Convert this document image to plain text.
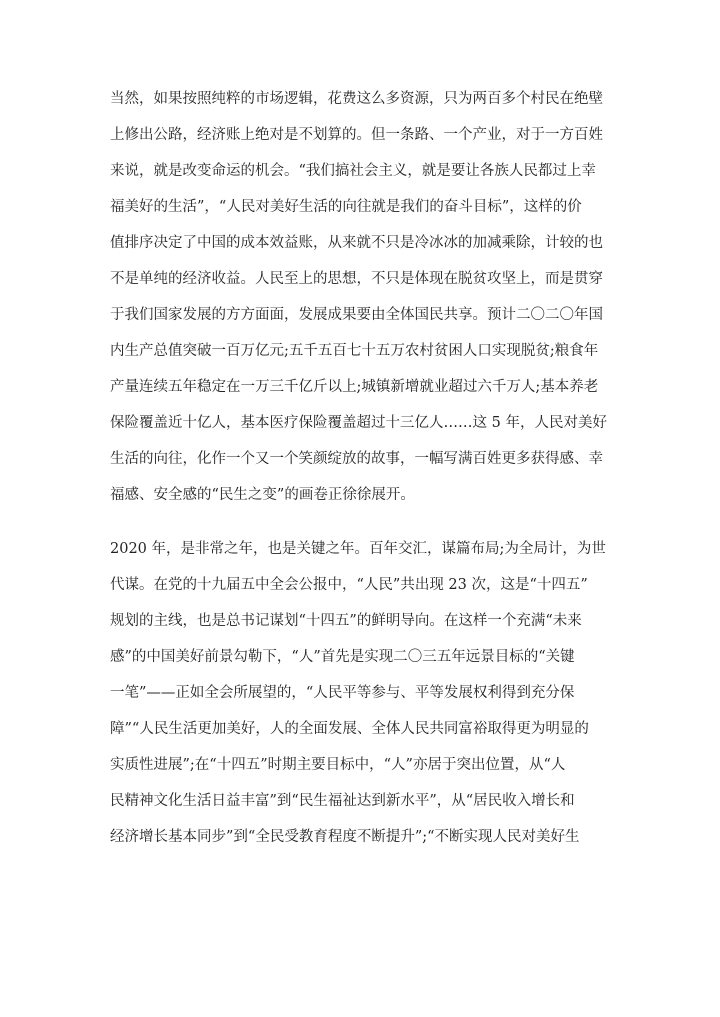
当然，如果按照纯粹的市场逻辑，花费这么多资源，只为两百多个村民在绝壁
上修出公路，经济账上绝对是不划算的。但一条路、一个产业，对于一方百姓
来说，就是改变命运的机会。“我们搞社会主义，就是要让各族人民都过上幸
福美好的生活”，“人民对美好生活的向往就是我们的奋斗目标”，这样的价
值排序决定了中国的成本效益账，从来就不只是冷冰冰的加减乘除，计较的也
不是单纯的经济收益。人民至上的思想，不只是体现在脱贫攻坚上，而是贯穿
于我们国家发展的方方面面，发展成果要由全体国民共享。预计二〇二〇年国
内生产总值突破一百万亿元;五千五百七十五万农村贫困人口实现脱贫;粮食年
产量连续五年稳定在一万三千亿斤以上;城镇新增就业超过六千万人;基本养老
保险覆盖近十亿人，基本医疗保险覆盖超过十三亿人……这 5 年，人民对美好
生活的向往，化作一个又一个笑颜绽放的故事，一幅写满百姓更多获得感、幸
福感、安全感的“民生之变”的画卷正徐徐展开。
2020 年，是非常之年，也是关键之年。百年交汇，谋篇布局;为全局计，为世
代谋。在党的十九届五中全会公报中，“人民”共出现 23 次，这是“十四五”
规划的主线，也是总书记谋划“十四五”的鲜明导向。在这样一个充满“未来
感”的中国美好前景勾勒下，“人”首先是实现二〇三五年远景目标的“关键
一笔”——正如全会所展望的，“人民平等参与、平等发展权利得到充分保
障”“人民生活更加美好，人的全面发展、全体人民共同富裕取得更为明显的
实质性进展”;在“十四五”时期主要目标中，“人”亦居于突出位置，从“人
民精神文化生活日益丰富”到“民生福祉达到新水平”，从“居民收入增长和
经济增长基本同步”到“全民受教育程度不断提升”;“不断实现人民对美好生
